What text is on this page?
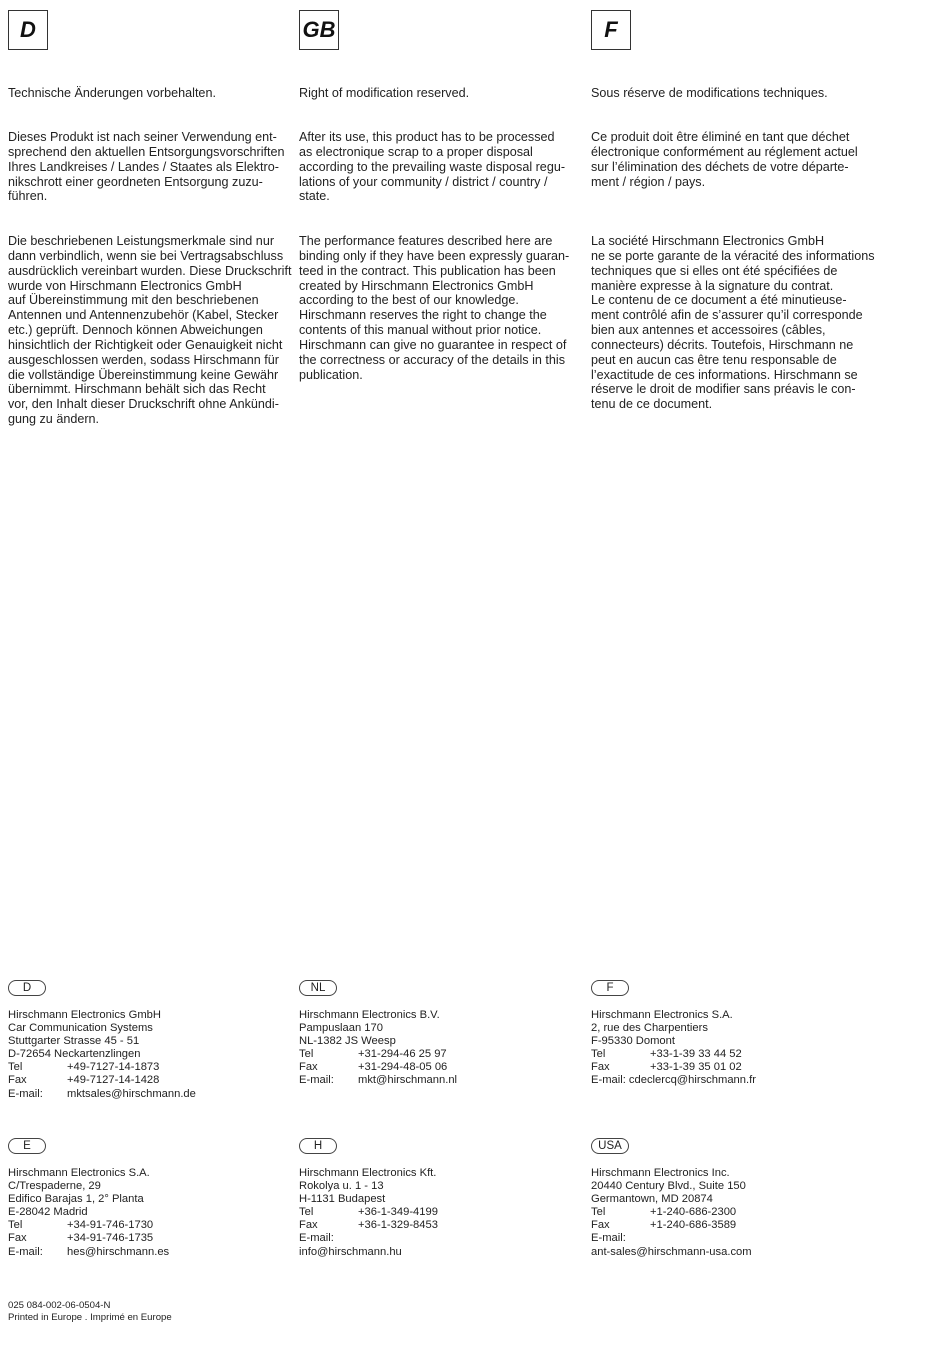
D	GB	F
Technische Änderungen vorbehalten.	Right of modification reserved.	Sous réserve de modifications techniques.
Dieses Produkt ist nach seiner Verwendung ent-
sprechend den aktuellen Entsorgungsvorschriften
Ihres Landkreises / Landes / Staates als Elektro-
nikschrott einer geordneten Entsorgung zuzu-
führen.
After its use, this product has to be processed
as electronique scrap to a proper disposal
according to the prevailing waste disposal regu-
lations of your community / district / country /
state.
Ce produit doit être éliminé en tant que déchet
électronique conformément au réglement actuel
sur l’élimination des déchets de votre départe-
ment / région / pays.
Die beschriebenen Leistungsmerkmale sind nur
dann verbindlich, wenn sie bei Vertragsabschluss
ausdrücklich vereinbart wurden. Diese Druckschrift
wurde von Hirschmann Electronics GmbH
auf Übereinstimmung mit den beschriebenen
Antennen und Antennenzubehör (Kabel, Stecker
etc.) geprüft. Dennoch können Abweichungen
hinsichtlich der Richtigkeit oder Genauigkeit nicht
ausgeschlossen werden, sodass Hirschmann für
die vollständige Übereinstimmung keine Gewähr
übernimmt. Hirschmann behält sich das Recht
vor, den Inhalt dieser Druckschrift ohne Ankündi-
gung zu ändern.
The performance features described here are
binding only if they have been expressly guaran-
teed in the contract. This publication has been
created by Hirschmann Electronics GmbH
according to the best of our knowledge.
Hirschmann reserves the right to change the
contents of this manual without prior notice.
Hirschmann can give no guarantee in respect of
the correctness or accuracy of the details in this
publication.
La société Hirschmann Electronics GmbH
ne se porte garante de la véracité des informations
techniques que si elles ont été spécifiées de
manière expresse à la signature du contrat.
Le contenu de ce document a été minutieuse-
ment contrôlé afin de s’assurer qu’il corresponde
bien aux antennes et accessoires (câbles,
connecteurs) décrits. Toutefois, Hirschmann ne
peut en aucun cas être tenu responsable de
l’exactitude de ces informations. Hirschmann se
réserve le droit de modifier sans préavis le con-
tenu de ce document.
D
Hirschmann Electronics GmbH
Car Communication Systems
Stuttgarter Strasse 45 - 51
D-72654 Neckartenzlingen
Tel	+49-7127-14-1873
Fax	+49-7127-14-1428
E-mail:	mktsales@hirschmann.de
NL
Hirschmann Electronics B.V.
Pampuslaan 170
NL-1382 JS Weesp
Tel	+31-294-46 25 97
Fax	+31-294-48-05 06
E-mail:	mkt@hirschmann.nl
F
Hirschmann Electronics S.A.
2, rue des Charpentiers
F-95330 Domont
Tel	+33-1-39 33 44 52
Fax	+33-1-39 35 01 02
E-mail: cdeclercq@hirschmann.fr
E
Hirschmann Electronics S.A.
C/Trespaderne, 29
Edifico Barajas 1, 2° Planta
E-28042 Madrid
Tel	+34-91-746-1730
Fax	+34-91-746-1735
E-mail:	hes@hirschmann.es
H
Hirschmann Electronics Kft.
Rokolya u. 1 - 13
H-1131 Budapest
Tel	+36-1-349-4199
Fax	+36-1-329-8453
E-mail:
info@hirschmann.hu
USA
Hirschmann Electronics Inc.
20440 Century Blvd., Suite 150
Germantown, MD 20874
Tel	+1-240-686-2300
Fax	+1-240-686-3589
E-mail:
ant-sales@hirschmann-usa.com
025 084-002-06-0504-N
Printed in Europe . Imprimé en Europe
